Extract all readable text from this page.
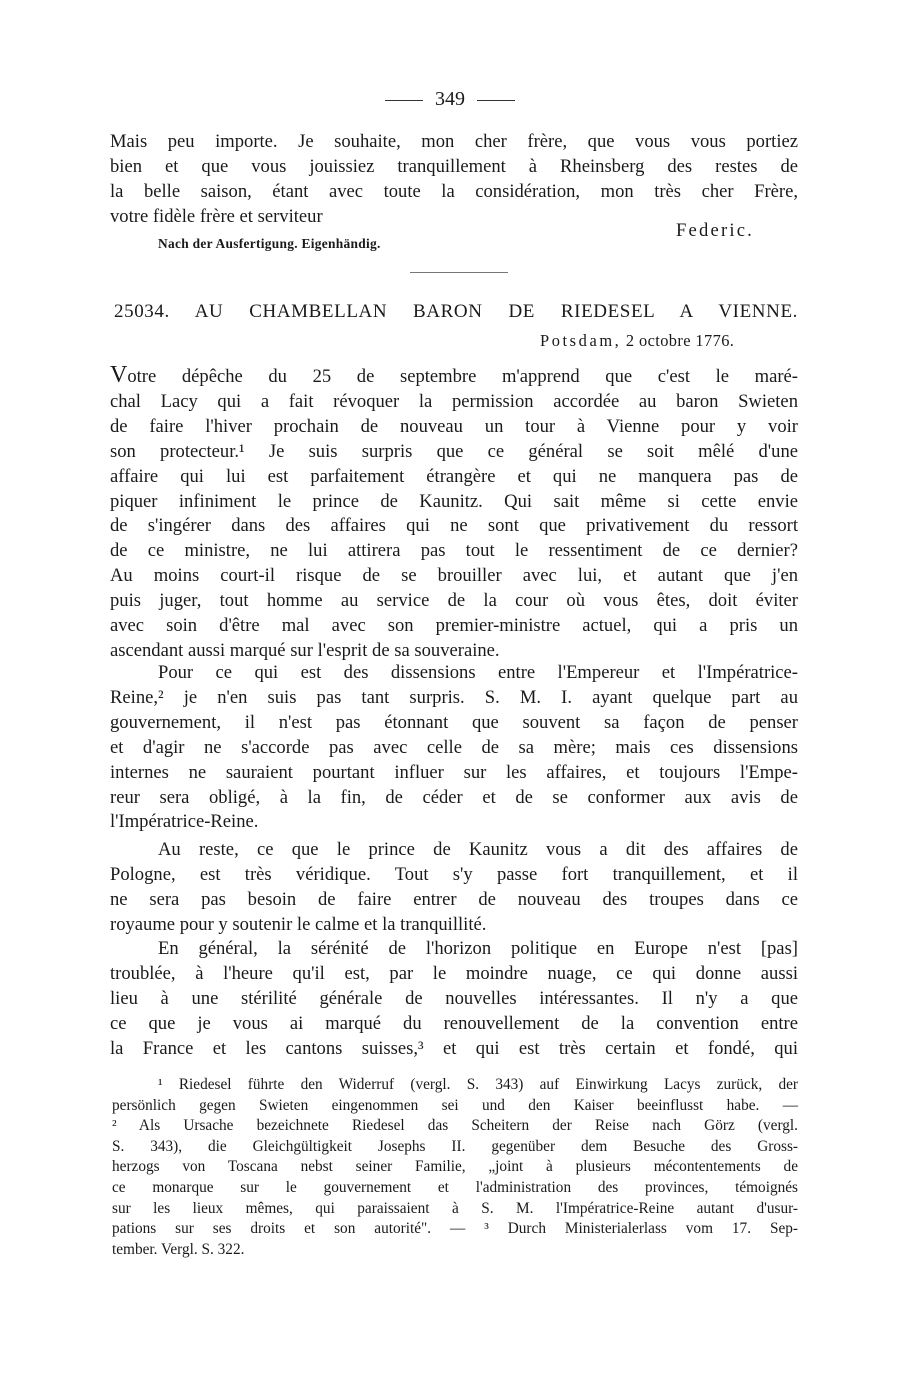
349
Mais peu importe. Je souhaite, mon cher frère, que vous vous portiez
bien et que vous jouissiez tranquillement à Rheinsberg des restes de
la belle saison, étant avec toute la considération, mon très cher Frère,
votre fidèle frère et serviteur
Federic.
Nach der Ausfertigung. Eigenhändig.
25034. AU CHAMBELLAN BARON DE RIEDESEL A VIENNE.
Potsdam, 2 octobre 1776.
Votre dépêche du 25 de septembre m'apprend que c'est le maré-
chal Lacy qui a fait révoquer la permission accordée au baron Swieten
de faire l'hiver prochain de nouveau un tour à Vienne pour y voir
son protecteur.¹ Je suis surpris que ce général se soit mêlé d'une
affaire qui lui est parfaitement étrangère et qui ne manquera pas de
piquer infiniment le prince de Kaunitz. Qui sait même si cette envie
de s'ingérer dans des affaires qui ne sont que privativement du ressort
de ce ministre, ne lui attirera pas tout le ressentiment de ce dernier?
Au moins court-il risque de se brouiller avec lui, et autant que j'en
puis juger, tout homme au service de la cour où vous êtes, doit éviter
avec soin d'être mal avec son premier-ministre actuel, qui a pris un
ascendant aussi marqué sur l'esprit de sa souveraine.
Pour ce qui est des dissensions entre l'Empereur et l'Impératrice-
Reine,² je n'en suis pas tant surpris. S. M. I. ayant quelque part au
gouvernement, il n'est pas étonnant que souvent sa façon de penser
et d'agir ne s'accorde pas avec celle de sa mère; mais ces dissensions
internes ne sauraient pourtant influer sur les affaires, et toujours l'Empe-
reur sera obligé, à la fin, de céder et de se conformer aux avis de
l'Impératrice-Reine.
Au reste, ce que le prince de Kaunitz vous a dit des affaires de
Pologne, est très véridique. Tout s'y passe fort tranquillement, et il
ne sera pas besoin de faire entrer de nouveau des troupes dans ce
royaume pour y soutenir le calme et la tranquillité.
En général, la sérénité de l'horizon politique en Europe n'est [pas]
troublée, à l'heure qu'il est, par le moindre nuage, ce qui donne aussi
lieu à une stérilité générale de nouvelles intéressantes. Il n'y a que
ce que je vous ai marqué du renouvellement de la convention entre
la France et les cantons suisses,³ et qui est très certain et fondé, qui
¹ Riedesel führte den Widerruf (vergl. S. 343) auf Einwirkung Lacys zurück, der
persönlich gegen Swieten eingenommen sei und den Kaiser beeinflusst habe. —
² Als Ursache bezeichnete Riedesel das Scheitern der Reise nach Görz (vergl.
S. 343), die Gleichgültigkeit Josephs II. gegenüber dem Besuche des Gross-
herzogs von Toscana nebst seiner Familie, „joint à plusieurs mécontentements de
ce monarque sur le gouvernement et l'administration des provinces, témoignés
sur les lieux mêmes, qui paraissaient à S. M. l'Impératrice-Reine autant d'usur-
pations sur ses droits et son autorité". — ³ Durch Ministerialerlass vom 17. Sep-
tember. Vergl. S. 322.
